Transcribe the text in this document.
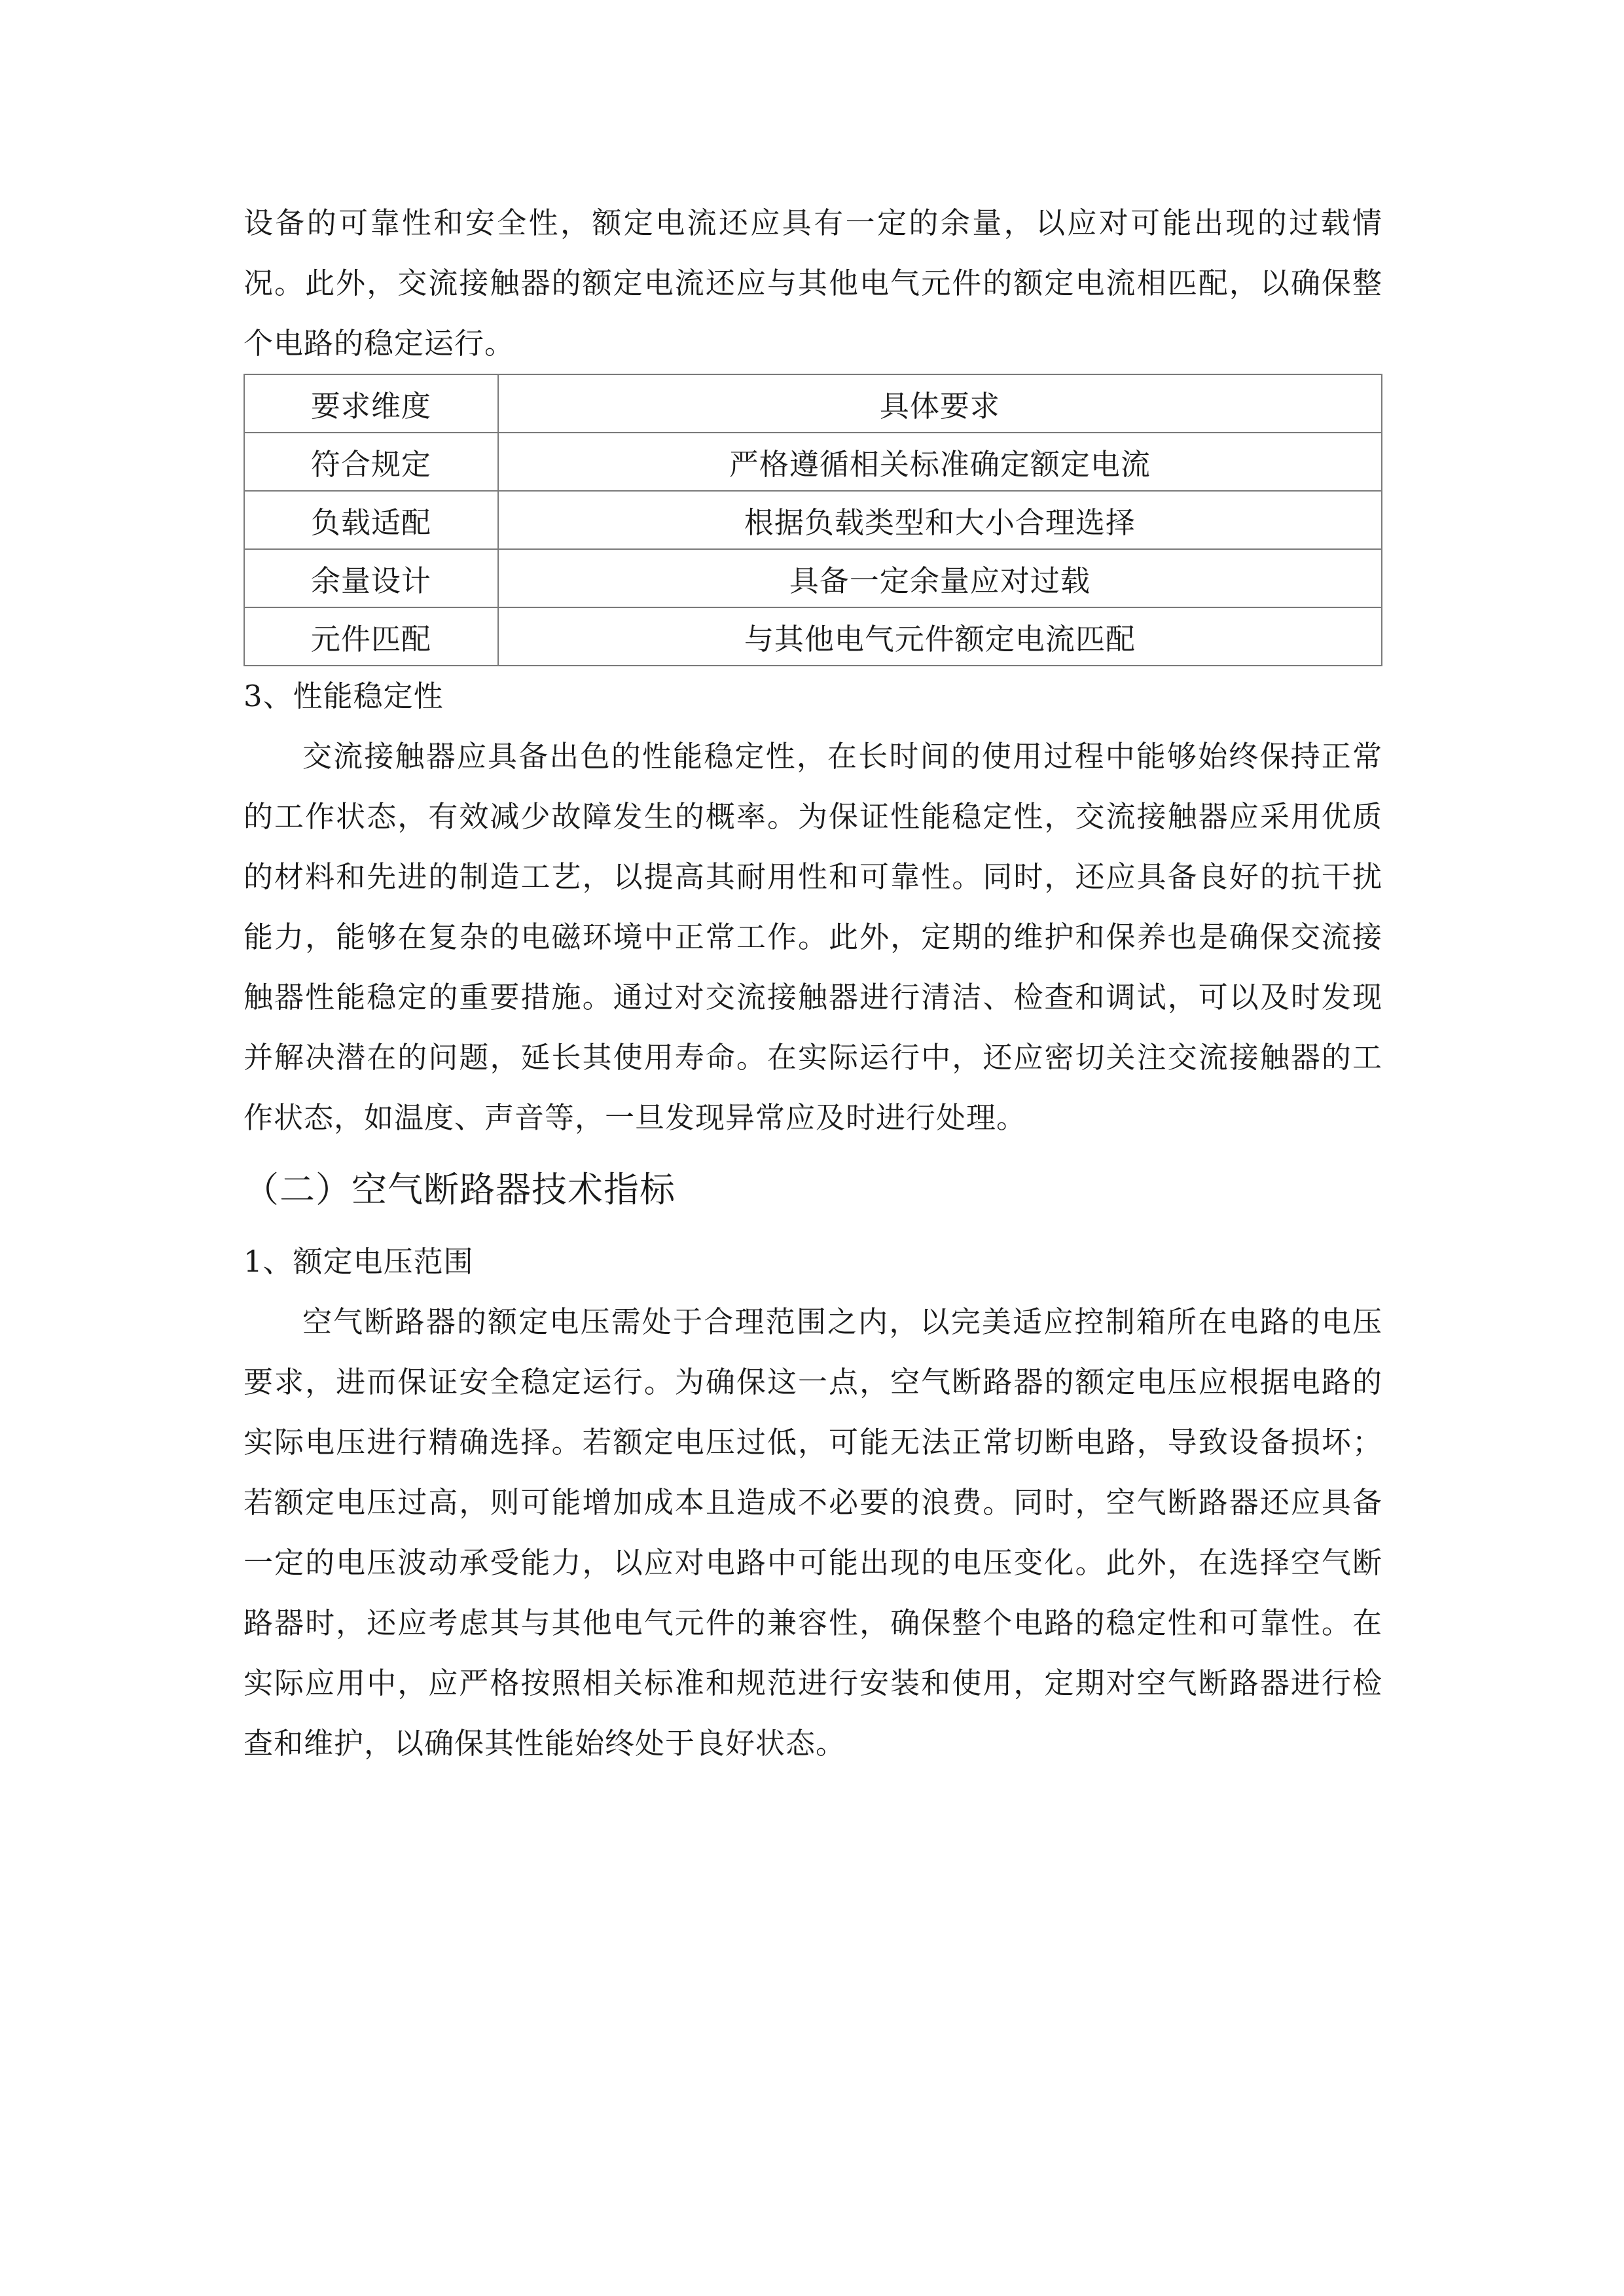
设备的可靠性和安全性，额定电流还应具有一定的余量，以应对可能出现的过载情况。此外，交流接触器的额定电流还应与其他电气元件的额定电流相匹配，以确保整个电路的稳定运行。

要求维度	具体要求
符合规定	严格遵循相关标准确定额定电流
负载适配	根据负载类型和大小合理选择
余量设计	具备一定余量应对过载
元件匹配	与其他电气元件额定电流匹配

3、性能稳定性

交流接触器应具备出色的性能稳定性，在长时间的使用过程中能够始终保持正常的工作状态，有效减少故障发生的概率。为保证性能稳定性，交流接触器应采用优质的材料和先进的制造工艺，以提高其耐用性和可靠性。同时，还应具备良好的抗干扰能力，能够在复杂的电磁环境中正常工作。此外，定期的维护和保养也是确保交流接触器性能稳定的重要措施。通过对交流接触器进行清洁、检查和调试，可以及时发现并解决潜在的问题，延长其使用寿命。在实际运行中，还应密切关注交流接触器的工作状态，如温度、声音等，一旦发现异常应及时进行处理。

（二）空气断路器技术指标

1、额定电压范围

空气断路器的额定电压需处于合理范围之内，以完美适应控制箱所在电路的电压要求，进而保证安全稳定运行。为确保这一点，空气断路器的额定电压应根据电路的实际电压进行精确选择。若额定电压过低，可能无法正常切断电路，导致设备损坏；若额定电压过高，则可能增加成本且造成不必要的浪费。同时，空气断路器还应具备一定的电压波动承受能力，以应对电路中可能出现的电压变化。此外，在选择空气断路器时，还应考虑其与其他电气元件的兼容性，确保整个电路的稳定性和可靠性。在实际应用中，应严格按照相关标准和规范进行安装和使用，定期对空气断路器进行检查和维护，以确保其性能始终处于良好状态。
